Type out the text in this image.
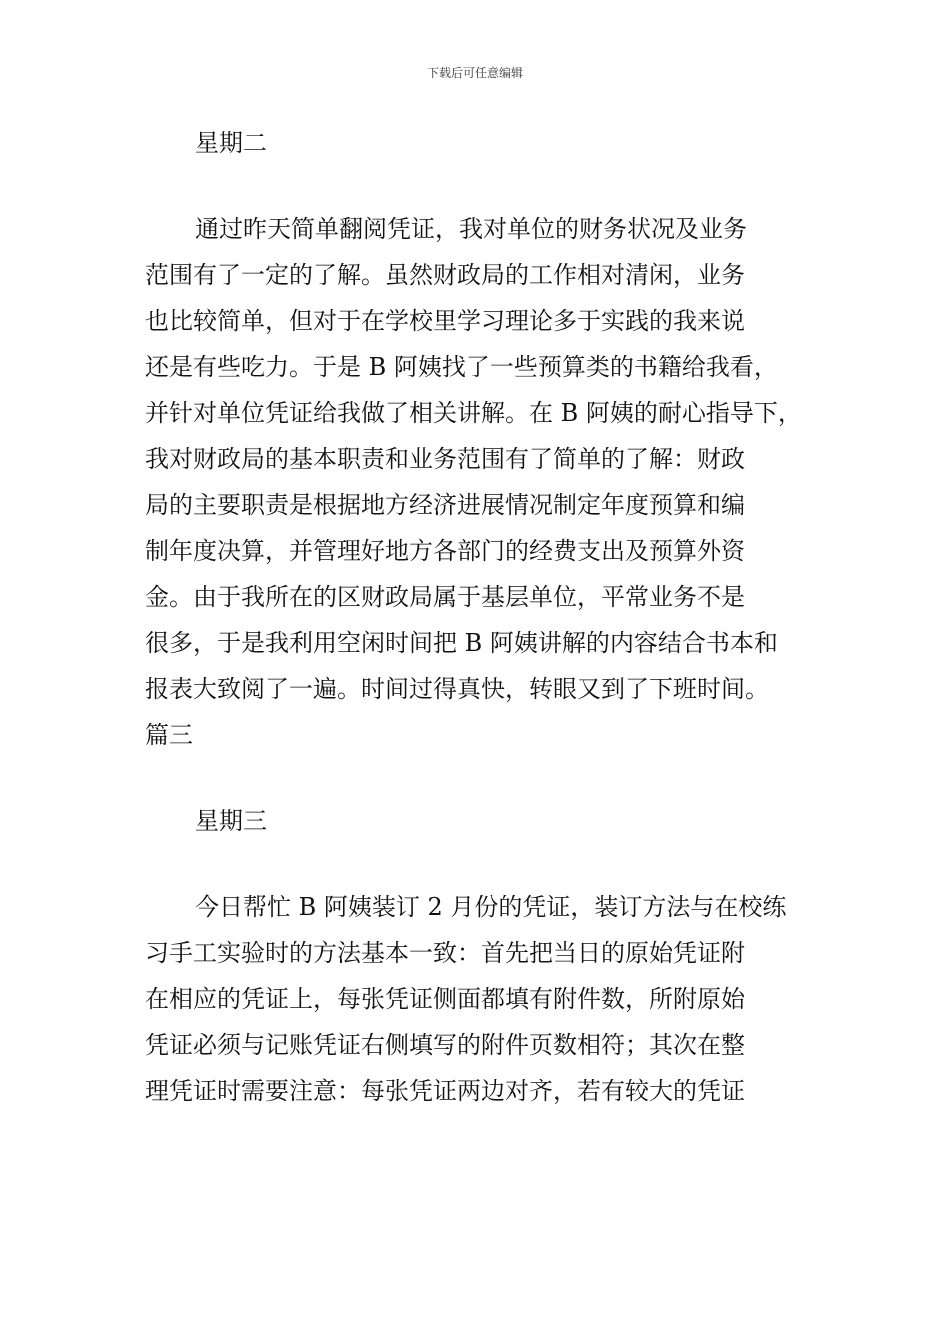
下载后可任意编辑
星期二
通过昨天简单翻阅凭证，我对单位的财务状况及业务
范围有了一定的了解。虽然财政局的工作相对清闲，业务
也比较简单，但对于在学校里学习理论多于实践的我来说
还是有些吃力。于是 B 阿姨找了一些预算类的书籍给我看，
并针对单位凭证给我做了相关讲解。在 B 阿姨的耐心指导下，
我对财政局的基本职责和业务范围有了简单的了解：财政
局的主要职责是根据地方经济进展情况制定年度预算和编
制年度决算，并管理好地方各部门的经费支出及预算外资
金。由于我所在的区财政局属于基层单位，平常业务不是
很多，于是我利用空闲时间把 B 阿姨讲解的内容结合书本和
报表大致阅了一遍。时间过得真快，转眼又到了下班时间。
篇三
星期三
今日帮忙 B 阿姨装订 2 月份的凭证，装订方法与在校练
习手工实验时的方法基本一致：首先把当日的原始凭证附
在相应的凭证上，每张凭证侧面都填有附件数，所附原始
凭证必须与记账凭证右侧填写的附件页数相符；其次在整
理凭证时需要注意：每张凭证两边对齐，若有较大的凭证
